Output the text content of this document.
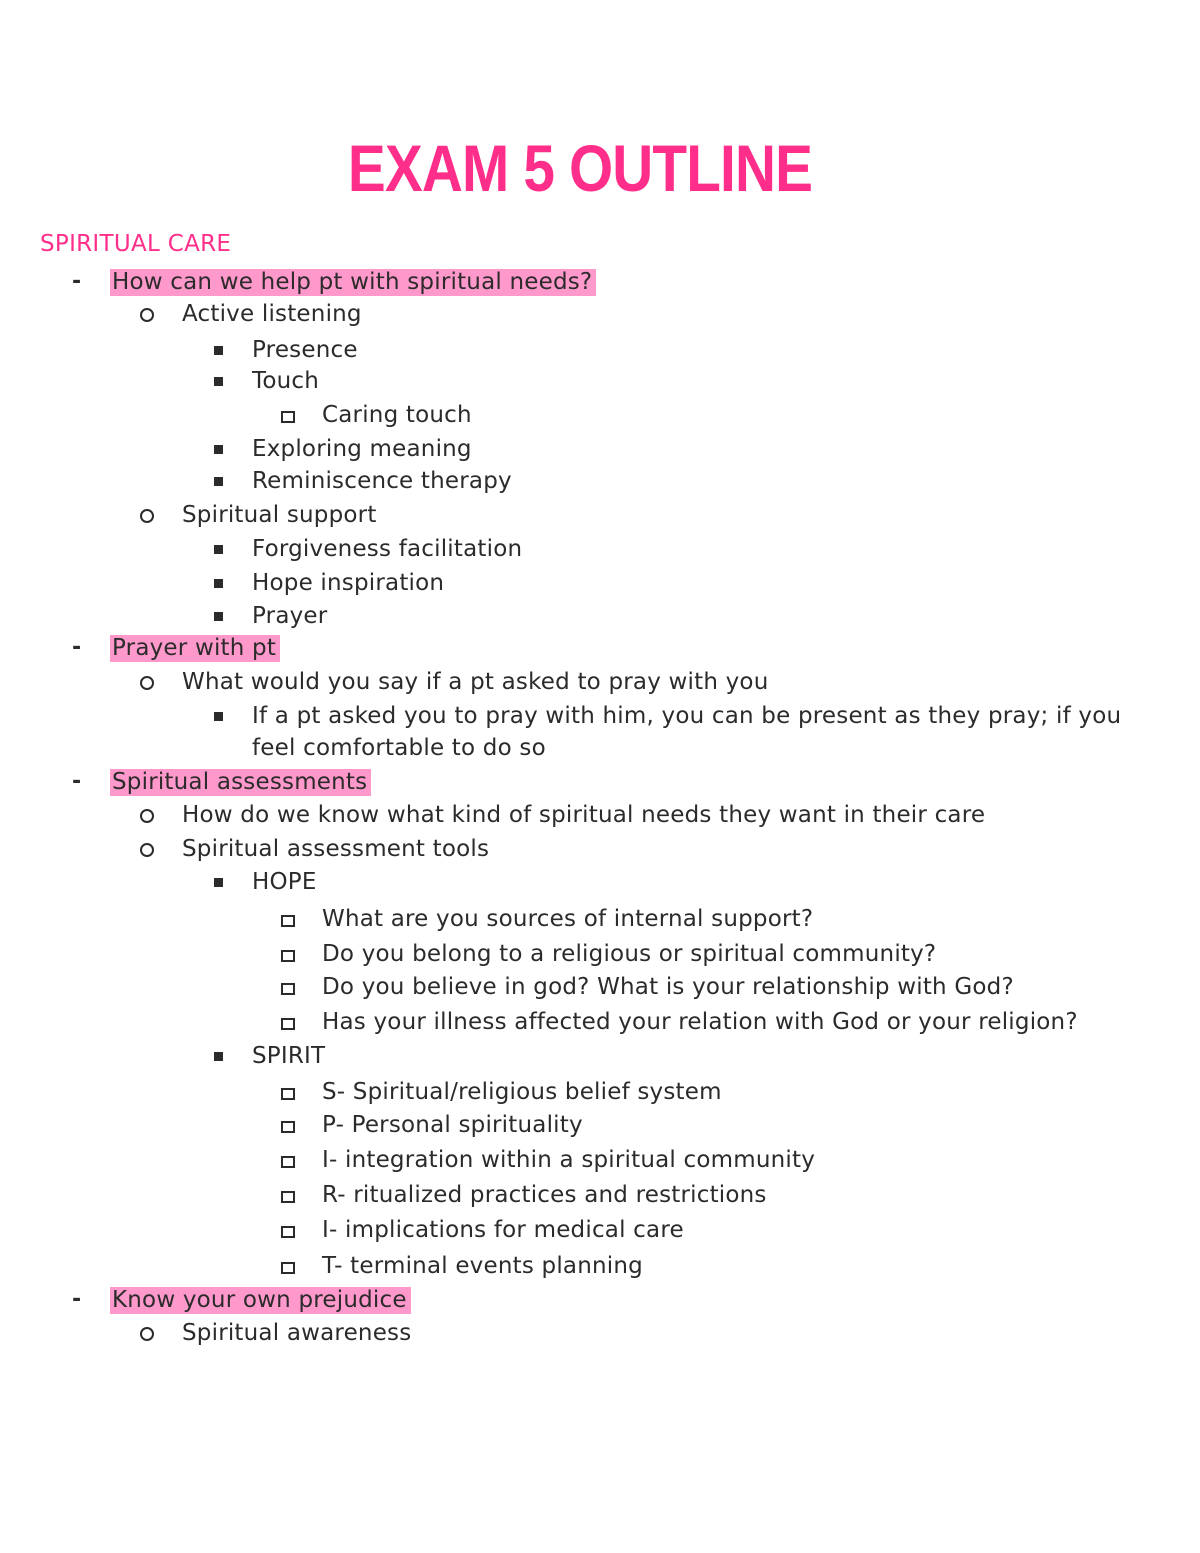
EXAM 5 OUTLINE
SPIRITUAL CARE
- How can we help pt with spiritual needs?
Active listening
Presence
Touch
Caring touch
Exploring meaning
Reminiscence therapy
Spiritual support
Forgiveness facilitation
Hope inspiration
Prayer
- Prayer with pt
What would you say if a pt asked to pray with you
If a pt asked you to pray with him, you can be present as they pray; if you
feel comfortable to do so
- Spiritual assessments
How do we know what kind of spiritual needs they want in their care
Spiritual assessment tools
HOPE
What are you sources of internal support?
Do you belong to a religious or spiritual community?
Do you believe in god? What is your relationship with God?
Has your illness affected your relation with God or your religion?
SPIRIT
S- Spiritual/religious belief system
P- Personal spirituality
I- integration within a spiritual community
R- ritualized practices and restrictions
I- implications for medical care
T- terminal events planning
- Know your own prejudice
Spiritual awareness
